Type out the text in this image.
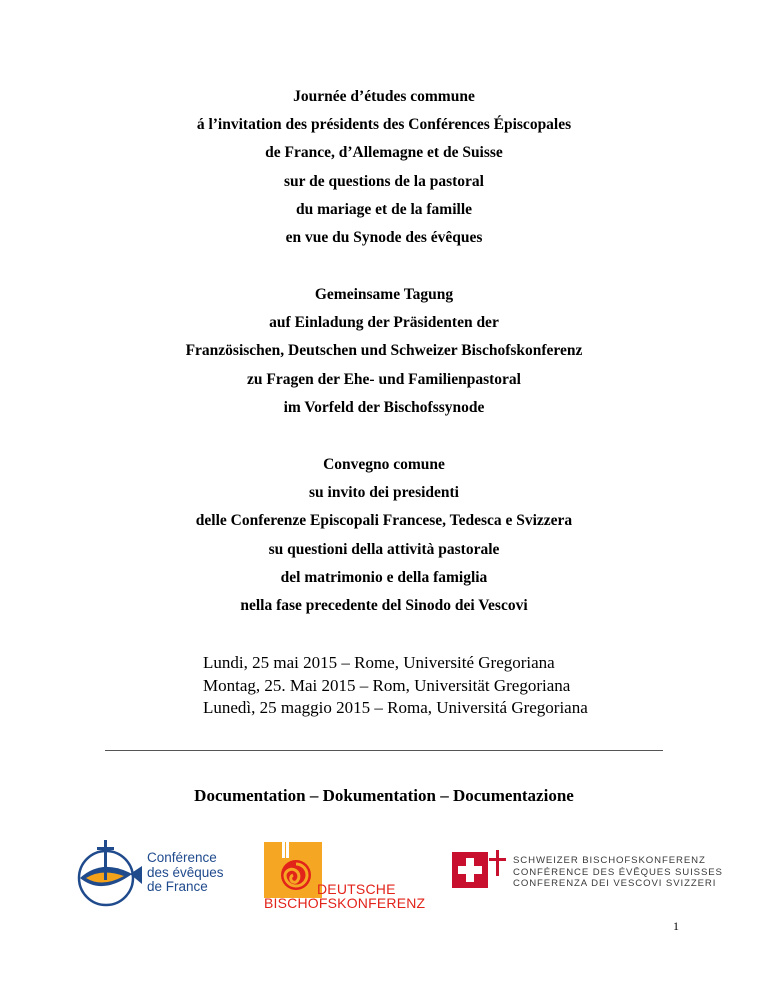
Journée d’études commune
á l’invitation des présidents des Conférences Épiscopales
de France, d’Allemagne et de Suisse
sur de questions de la pastoral
du mariage et de la famille
en vue du Synode des évêques
Gemeinsame Tagung
auf Einladung der Präsidenten der
Französischen, Deutschen und Schweizer Bischofskonferenz
zu Fragen der Ehe- und Familienpastoral
im Vorfeld der Bischofssynode
Convegno comune
su invito dei presidenti
delle Conferenze Episcopali Francese, Tedesca e Svizzera
su questioni della attività pastorale
del matrimonio e della famiglia
nella fase precedente del Sinodo dei Vescovi
Lundi, 25 mai 2015 – Rome, Université Gregoriana
Montag, 25. Mai 2015 – Rom, Universität Gregoriana
Lunedì, 25 maggio 2015 – Roma, Universitá Gregoriana
Documentation – Dokumentation – Documentazione
Conférence
des évêques
de France	DEUTSCHE
BISCHOFSKONFERENZ
SCHWEIZER BISCHOFSKONFERENZ
CONFÉRENCE DES ÉVÊQUES SUISSES
CONFERENZA DEI VESCOVI SVIZZERI
1
